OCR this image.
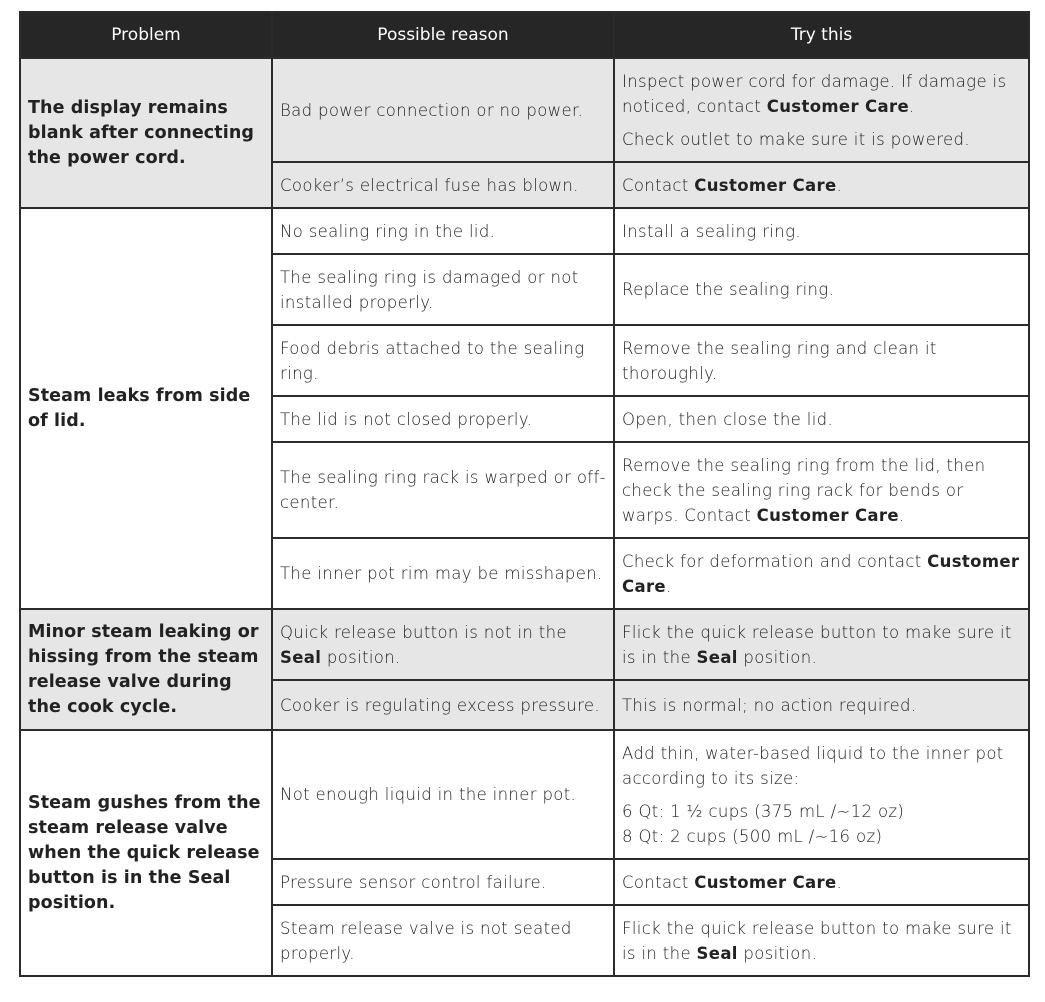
Problem	Possible reason	Try this
The display remains blank after connecting the power cord.	Bad power connection or no power.	Inspect power cord for damage. If damage is noticed, contact Customer Care.

Check outlet to make sure it is powered.

	Cooker’s electrical fuse has blown.	Contact Customer Care.
Steam leaks from side of lid.	No sealing ring in the lid.	Install a sealing ring.
	The sealing ring is damaged or not installed properly.	Replace the sealing ring.
	Food debris attached to the sealing ring.	Remove the sealing ring and clean it thoroughly.
	The lid is not closed properly.	Open, then close the lid.
	The sealing ring rack is warped or off-center.	Remove the sealing ring from the lid, then check the sealing ring rack for bends or warps. Contact Customer Care.
	The inner pot rim may be misshapen.	Check for deformation and contact Customer Care.
Minor steam leaking or hissing from the steam release valve during the cook cycle.	Quick release button is not in the Seal position.	Flick the quick release button to make sure it is in the Seal position.
	Cooker is regulating excess pressure.	This is normal; no action required.
Steam gushes from the steam release valve when the quick release button is in the Seal position.	Not enough liquid in the inner pot.	Add thin, water-based liquid to the inner pot according to its size:

6 Qt: 1 ½ cups (375 mL /~12 oz)

8 Qt: 2 cups (500 mL /~16 oz)

	Pressure sensor control failure.	Contact Customer Care.
	Steam release valve is not seated properly.	Flick the quick release button to make sure it is in the Seal position.
